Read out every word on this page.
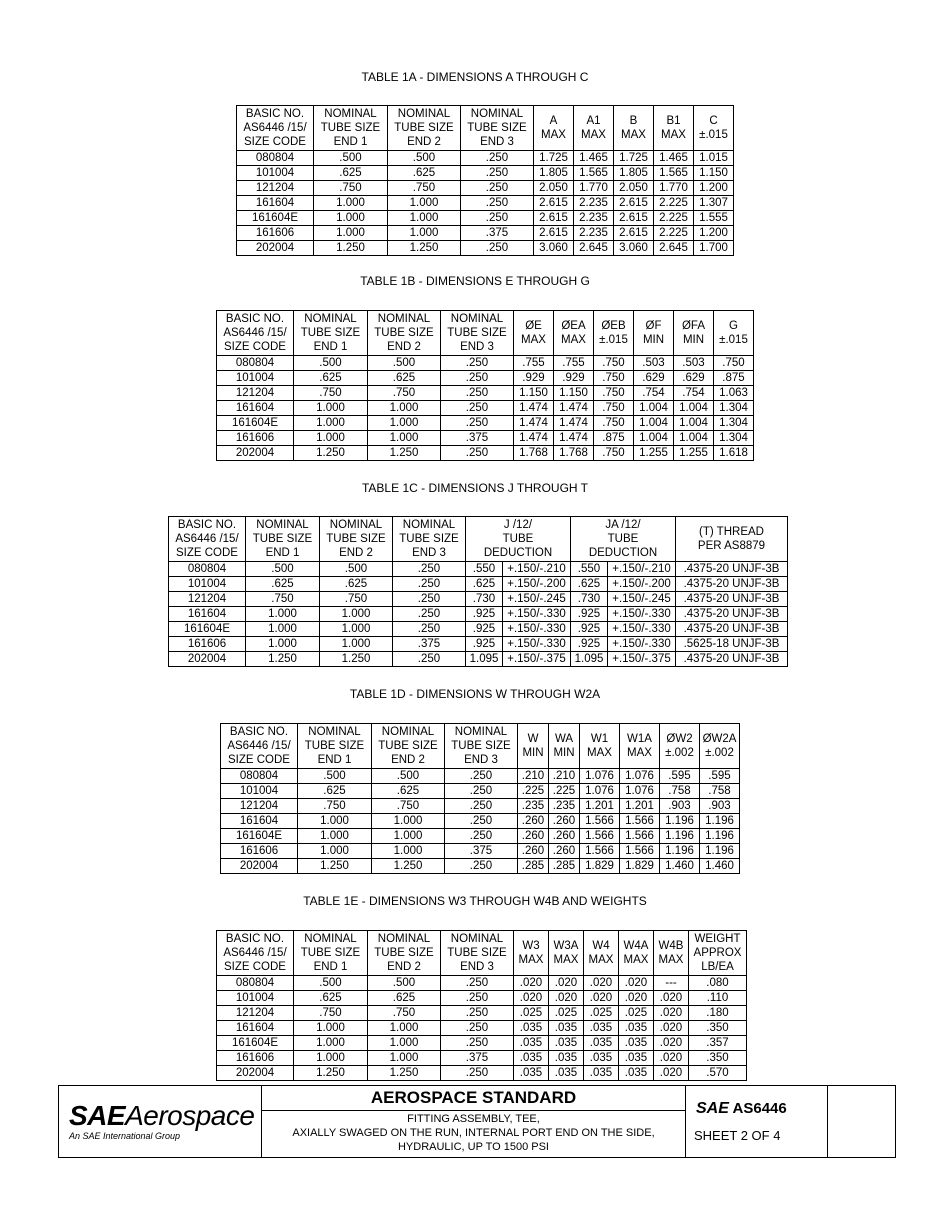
TABLE 1A - DIMENSIONS A THROUGH C
TABLE 1B - DIMENSIONS E THROUGH G
TABLE 1C - DIMENSIONS J THROUGH T
TABLE 1D - DIMENSIONS W THROUGH W2A
TABLE 1E - DIMENSIONS W3 THROUGH W4B AND WEIGHTS
BASIC NO.
AS6446 /15/
SIZE CODE	NOMINAL
TUBE SIZE
END 1	NOMINAL
TUBE SIZE
END 2	NOMINAL
TUBE SIZE
END 3	A
MAX	A1
MAX	B
MAX	B1
MAX	C
±.015

080804	.500	.500	.250	1.725	1.465	1.725	1.465	1.015
101004	.625	.625	.250	1.805	1.565	1.805	1.565	1.150
121204	.750	.750	.250	2.050	1.770	2.050	1.770	1.200
161604	1.000	1.000	.250	2.615	2.235	2.615	2.225	1.307
161604E	1.000	1.000	.250	2.615	2.235	2.615	2.225	1.555
161606	1.000	1.000	.375	2.615	2.235	2.615	2.225	1.200
202004	1.250	1.250	.250	3.060	2.645	3.060	2.645	1.700
BASIC NO.
AS6446 /15/
SIZE CODE	NOMINAL
TUBE SIZE
END 1	NOMINAL
TUBE SIZE
END 2	NOMINAL
TUBE SIZE
END 3	ØE
MAX	ØEA
MAX	ØEB
±.015	ØF
MIN	ØFA
MIN	G
±.015

080804	.500	.500	.250	.755	.755	.750	.503	.503	.750
101004	.625	.625	.250	.929	.929	.750	.629	.629	.875
121204	.750	.750	.250	1.150	1.150	.750	.754	.754	1.063
161604	1.000	1.000	.250	1.474	1.474	.750	1.004	1.004	1.304
161604E	1.000	1.000	.250	1.474	1.474	.750	1.004	1.004	1.304
161606	1.000	1.000	.375	1.474	1.474	.875	1.004	1.004	1.304
202004	1.250	1.250	.250	1.768	1.768	.750	1.255	1.255	1.618
BASIC NO.
AS6446 /15/
SIZE CODE	NOMINAL
TUBE SIZE
END 1	NOMINAL
TUBE SIZE
END 2	NOMINAL
TUBE SIZE
END 3	J /12/
TUBE
DEDUCTION		JA /12/
TUBE
DEDUCTION		(T) THREAD
PER AS8879

080804	.500	.500	.250	.550	+.150/-.210	.550	+.150/-.210	.4375-20 UNJF-3B
101004	.625	.625	.250	.625	+.150/-.200	.625	+.150/-.200	.4375-20 UNJF-3B
121204	.750	.750	.250	.730	+.150/-.245	.730	+.150/-.245	.4375-20 UNJF-3B
161604	1.000	1.000	.250	.925	+.150/-.330	.925	+.150/-.330	.4375-20 UNJF-3B
161604E	1.000	1.000	.250	.925	+.150/-.330	.925	+.150/-.330	.4375-20 UNJF-3B
161606	1.000	1.000	.375	.925	+.150/-.330	.925	+.150/-.330	.5625-18 UNJF-3B
202004	1.250	1.250	.250	1.095	+.150/-.375	1.095	+.150/-.375	.4375-20 UNJF-3B
BASIC NO.
AS6446 /15/
SIZE CODE	NOMINAL
TUBE SIZE
END 1	NOMINAL
TUBE SIZE
END 2	NOMINAL
TUBE SIZE
END 3	W
MIN	WA
MIN	W1
MAX	W1A
MAX	ØW2
±.002	ØW2A
±.002

080804	.500	.500	.250	.210	.210	1.076	1.076	.595	.595
101004	.625	.625	.250	.225	.225	1.076	1.076	.758	.758
121204	.750	.750	.250	.235	.235	1.201	1.201	.903	.903
161604	1.000	1.000	.250	.260	.260	1.566	1.566	1.196	1.196
161604E	1.000	1.000	.250	.260	.260	1.566	1.566	1.196	1.196
161606	1.000	1.000	.375	.260	.260	1.566	1.566	1.196	1.196
202004	1.250	1.250	.250	.285	.285	1.829	1.829	1.460	1.460
BASIC NO.
AS6446 /15/
SIZE CODE	NOMINAL
TUBE SIZE
END 1	NOMINAL
TUBE SIZE
END 2	NOMINAL
TUBE SIZE
END 3	W3
MAX	W3A
MAX	W4
MAX	W4A
MAX	W4B
MAX	WEIGHT
APPROX
LB/EA

080804	.500	.500	.250	.020	.020	.020	.020	---	.080
101004	.625	.625	.250	.020	.020	.020	.020	.020	.110
121204	.750	.750	.250	.025	.025	.025	.025	.020	.180
161604	1.000	1.000	.250	.035	.035	.035	.035	.020	.350
161604E	1.000	1.000	.250	.035	.035	.035	.035	.020	.357
161606	1.000	1.000	.375	.035	.035	.035	.035	.020	.350
202004	1.250	1.250	.250	.035	.035	.035	.035	.020	.570
SAEAerospace
An SAE International Group
AEROSPACE STANDARD
FITTING ASSEMBLY, TEE,
AXIALLY SWAGED ON THE RUN, INTERNAL PORT END ON THE SIDE,
HYDRAULIC, UP TO 1500 PSI
SAE AS6446
SHEET 2 OF 4
